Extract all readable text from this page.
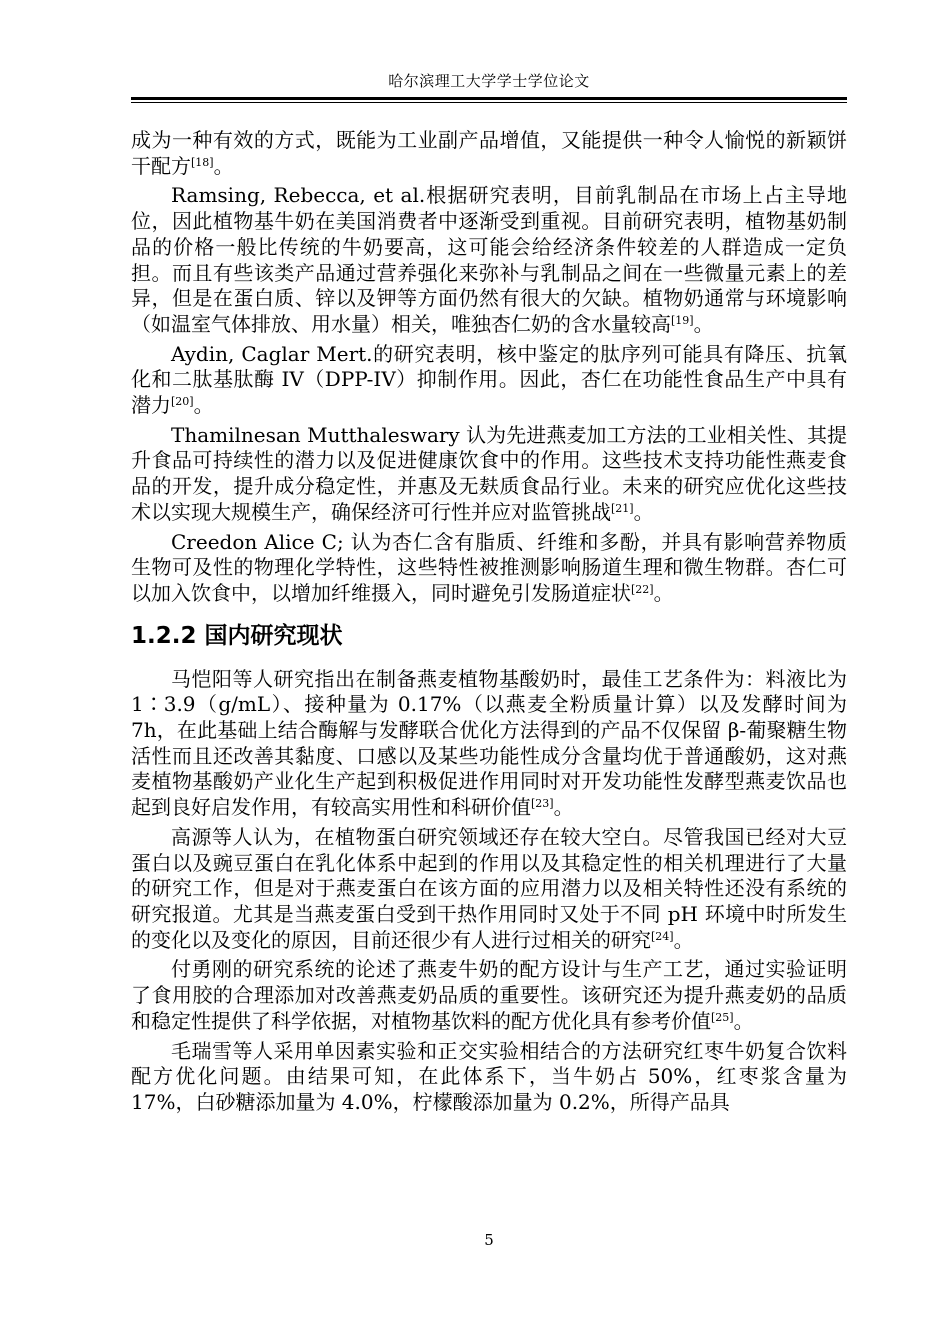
哈尔滨理工大学学士学位论文

成为一种有效的方式，既能为工业副产品增值，又能提供一种令人愉悦的新颖饼干配方[18]。

Ramsing, Rebecca, et al.根据研究表明，目前乳制品在市场上占主导地位，因此植物基牛奶在美国消费者中逐渐受到重视。目前研究表明，植物基奶制品的价格一般比传统的牛奶要高，这可能会给经济条件较差的人群造成一定负担。而且有些该类产品通过营养强化来弥补与乳制品之间在一些微量元素上的差异，但是在蛋白质、锌以及钾等方面仍然有很大的欠缺。植物奶通常与环境影响（如温室气体排放、用水量）相关，唯独杏仁奶的含水量较高[19]。

Aydin, Caglar Mert.的研究表明，核中鉴定的肽序列可能具有降压、抗氧化和二肽基肽酶 IV（DPP-IV）抑制作用。因此，杏仁在功能性食品生产中具有潜力[20]。

Thamilnesan Mutthaleswary 认为先进燕麦加工方法的工业相关性、其提升食品可持续性的潜力以及促进健康饮食中的作用。这些技术支持功能性燕麦食品的开发，提升成分稳定性，并惠及无麸质食品行业。未来的研究应优化这些技术以实现大规模生产，确保经济可行性并应对监管挑战[21]。

Creedon Alice C; 认为杏仁含有脂质、纤维和多酚，并具有影响营养物质生物可及性的物理化学特性，这些特性被推测影响肠道生理和微生物群。杏仁可以加入饮食中，以增加纤维摄入，同时避免引发肠道症状[22]。

1.2.2 国内研究现状

马恺阳等人研究指出在制备燕麦植物基酸奶时，最佳工艺条件为：料液比为 1∶3.9（g/mL）、接种量为 0.17%（以燕麦全粉质量计算）以及发酵时间为 7h，在此基础上结合酶解与发酵联合优化方法得到的产品不仅保留 β-葡聚糖生物活性而且还改善其黏度、口感以及某些功能性成分含量均优于普通酸奶，这对燕麦植物基酸奶产业化生产起到积极促进作用同时对开发功能性发酵型燕麦饮品也起到良好启发作用，有较高实用性和科研价值[23]。

高源等人认为，在植物蛋白研究领域还存在较大空白。尽管我国已经对大豆蛋白以及豌豆蛋白在乳化体系中起到的作用以及其稳定性的相关机理进行了大量的研究工作，但是对于燕麦蛋白在该方面的应用潜力以及相关特性还没有系统的研究报道。尤其是当燕麦蛋白受到干热作用同时又处于不同 pH 环境中时所发生的变化以及变化的原因，目前还很少有人进行过相关的研究[24]。

付勇刚的研究系统的论述了燕麦牛奶的配方设计与生产工艺，通过实验证明了食用胶的合理添加对改善燕麦奶品质的重要性。该研究还为提升燕麦奶的品质和稳定性提供了科学依据，对植物基饮料的配方优化具有参考价值[25]。

毛瑞雪等人采用单因素实验和正交实验相结合的方法研究红枣牛奶复合饮料配方优化问题。由结果可知，在此体系下，当牛奶占 50%，红枣浆含量为 17%，白砂糖添加量为 4.0%，柠檬酸添加量为 0.2%，所得产品具

5
